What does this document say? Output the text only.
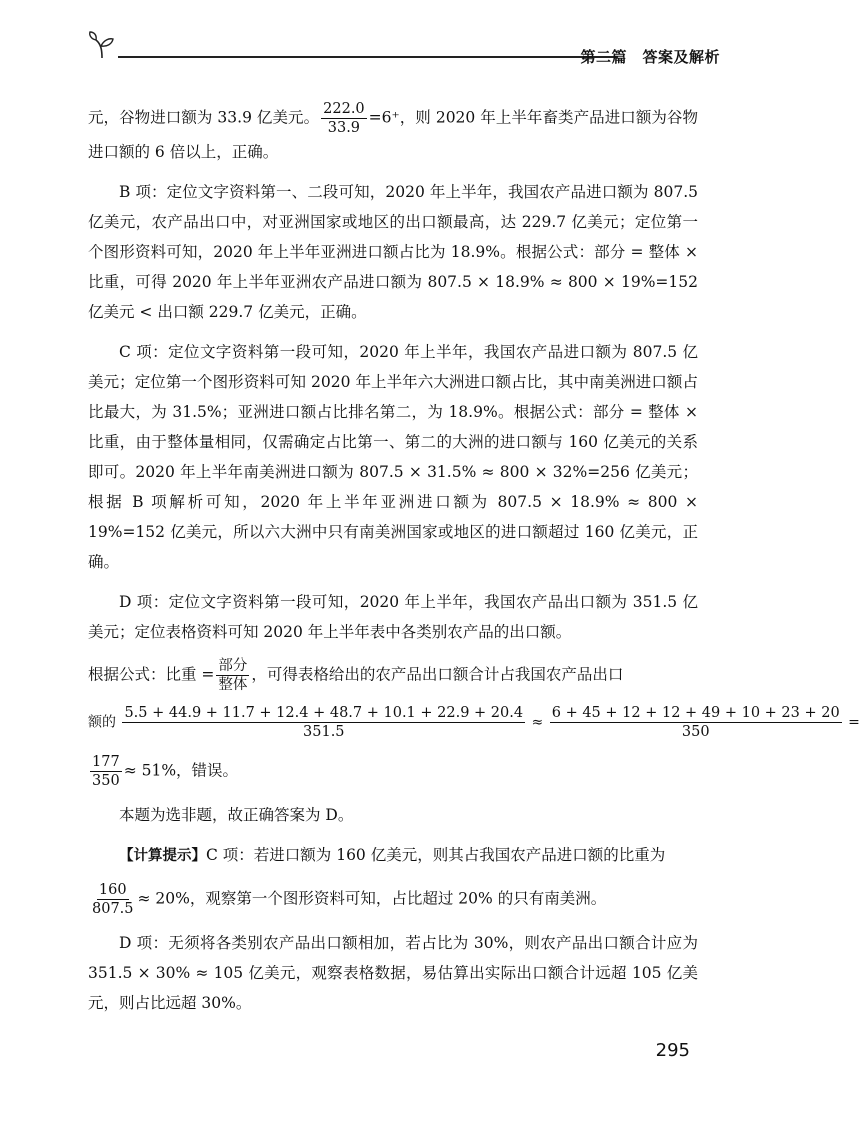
第二篇　答案及解析

元，谷物进口额为 33.9 亿美元。 $\frac{222.0}{33.9} =6^+$，则 2020 年上半年畜类产品进口额为谷物进口额的 6 倍以上，正确。

B 项：定位文字资料第一、二段可知，2020 年上半年，我国农产品进口额为 807.5 亿美元，农产品出口中，对亚洲国家或地区的出口额最高，达 229.7 亿美元；定位第一个图形资料可知，2020 年上半年亚洲进口额占比为 18.9%。根据公式：部分 = 整体 × 比重，可得 2020 年上半年亚洲农产品进口额为 807.5 × 18.9% ≈ 800 × 19%=152 亿美元 < 出口额 229.7 亿美元，正确。

C 项：定位文字资料第一段可知，2020 年上半年，我国农产品进口额为 807.5 亿美元；定位第一个图形资料可知 2020 年上半年六大洲进口额占比，其中南美洲进口额占比最大，为 31.5%；亚洲进口额占比排名第二，为 18.9%。根据公式：部分 = 整体 × 比重，由于整体量相同，仅需确定占比第一、第二的大洲的进口额与 160 亿美元的关系即可。2020 年上半年南美洲进口额为 807.5 × 31.5% ≈ 800 × 32%=256 亿美元；根据 B 项解析可知，2020 年上半年亚洲进口额为 807.5 × 18.9% ≈ 800 × 19%=152 亿美元，所以六大洲中只有南美洲国家或地区的进口额超过 160 亿美元，正确。

D 项：定位文字资料第一段可知，2020 年上半年，我国农产品出口额为 351.5 亿美元；定位表格资料可知 2020 年上半年表中各类别农产品的出口额。

根据公式：比重 = $\frac{\text{部分}}{\text{整体}}$ ，可得表格给出的农产品出口额合计占我国农产品出口

额的 $\frac{5.5 + 44.9 + 11.7 + 12.4 + 48.7 + 10.1 + 22.9 + 20.4}{351.5} \approx \frac{6 + 45 + 12 + 12 + 49 + 10 + 23 + 20}{350}$ =

$\frac{177}{350} \approx 51\%$，错误。

本题为选非题，故正确答案为 D。

【计算提示】C 项：若进口额为 160 亿美元，则其占我国农产品进口额的比重为

$\frac{160}{807.5} \approx 20\%$，观察第一个图形资料可知，占比超过 20% 的只有南美洲。

D 项：无须将各类别农产品出口额相加，若占比为 30%，则农产品出口额合计应为 351.5 × 30% ≈ 105 亿美元，观察表格数据，易估算出实际出口额合计远超 105 亿美元，则占比远超 30%。

295
